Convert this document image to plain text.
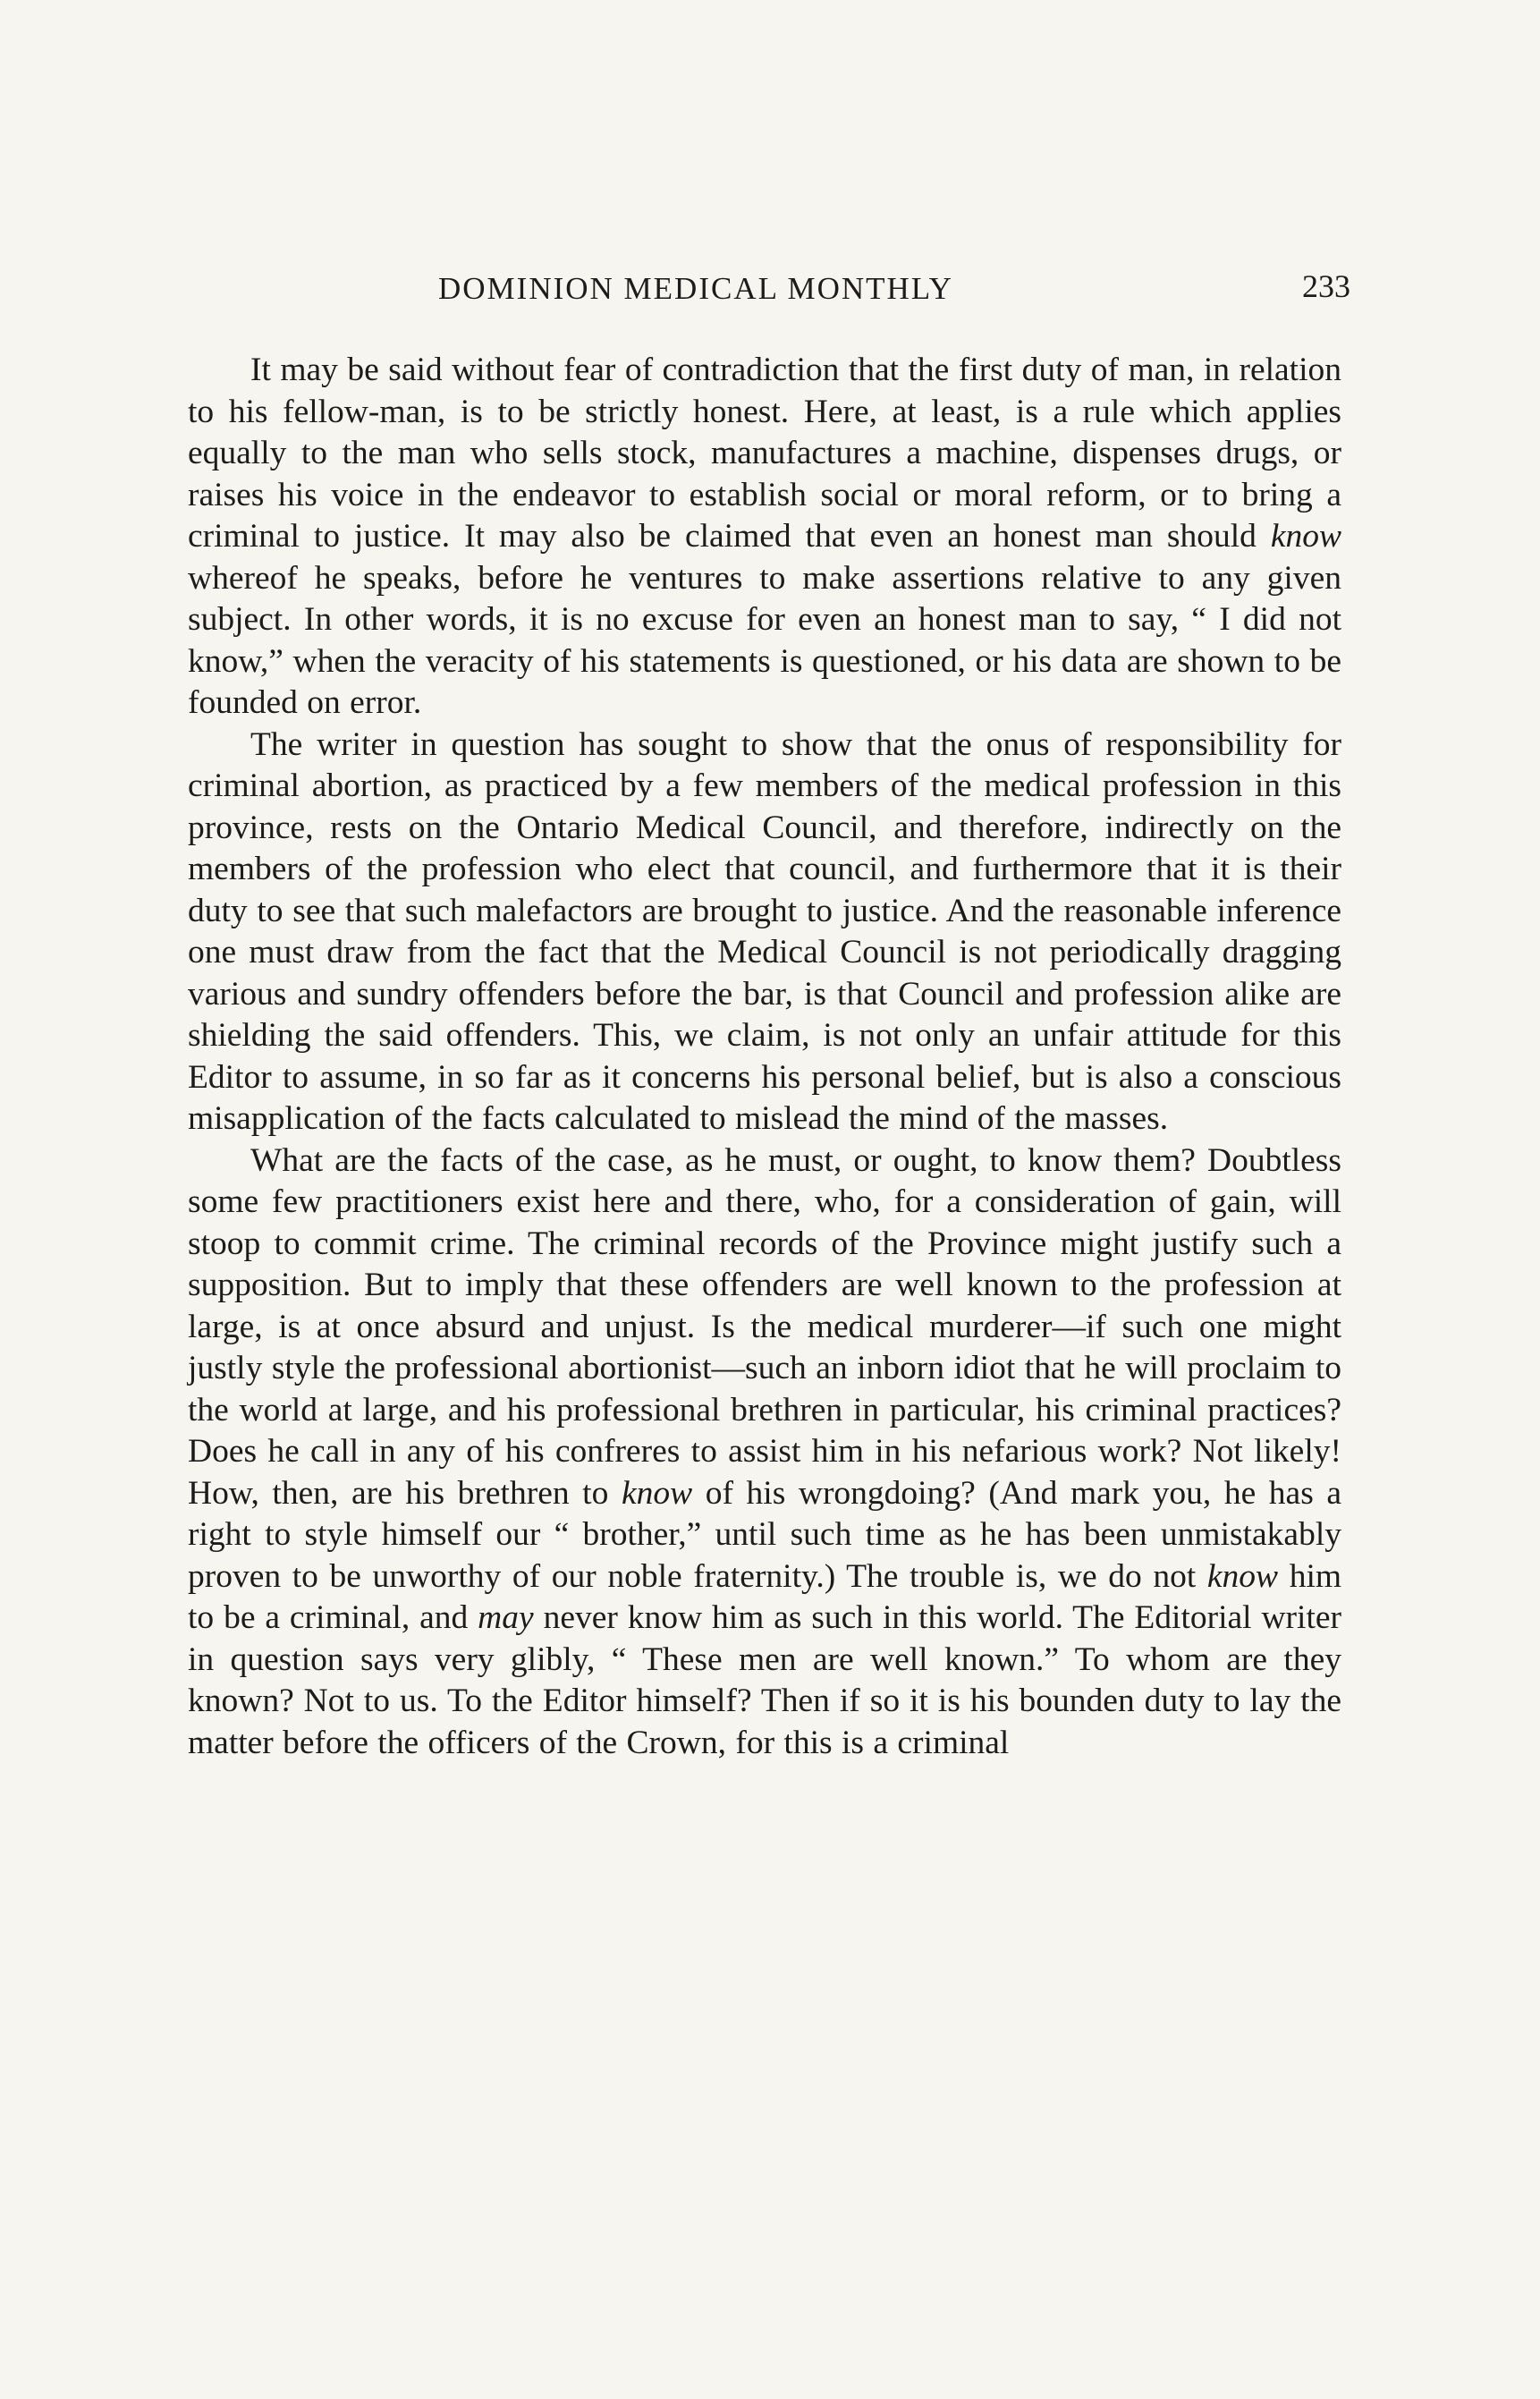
DOMINION MEDICAL MONTHLY	233

It may be said without fear of contradiction that the first duty of man, in relation to his fellow-man, is to be strictly honest. Here, at least, is a rule which applies equally to the man who sells stock, manufactures a machine, dispenses drugs, or raises his voice in the endeavor to establish social or moral reform, or to bring a criminal to justice. It may also be claimed that even an honest man should know whereof he speaks, before he ventures to make assertions relative to any given subject. In other words, it is no excuse for even an honest man to say, “ I did not know,” when the veracity of his statements is questioned, or his data are shown to be founded on error.

The writer in question has sought to show that the onus of responsibility for criminal abortion, as practiced by a few members of the medical profession in this province, rests on the Ontario Medical Council, and therefore, indirectly on the members of the profession who elect that council, and furthermore that it is their duty to see that such malefactors are brought to justice. And the reasonable inference one must draw from the fact that the Medical Council is not periodically dragging various and sundry offenders before the bar, is that Council and profession alike are shielding the said offenders. This, we claim, is not only an unfair attitude for this Editor to assume, in so far as it concerns his personal belief, but is also a conscious misapplication of the facts calculated to mislead the mind of the masses.

What are the facts of the case, as he must, or ought, to know them? Doubtless some few practitioners exist here and there, who, for a consideration of gain, will stoop to commit crime. The criminal records of the Province might justify such a supposition. But to imply that these offenders are well known to the profession at large, is at once absurd and unjust. Is the medical murderer—if such one might justly style the professional abortionist—such an inborn idiot that he will proclaim to the world at large, and his professional brethren in particular, his criminal practices? Does he call in any of his confreres to assist him in his nefarious work? Not likely! How, then, are his brethren to know of his wrongdoing? (And mark you, he has a right to style himself our “ brother,” until such time as he has been unmistakably proven to be unworthy of our noble fraternity.) The trouble is, we do not know him to be a criminal, and may never know him as such in this world. The Editorial writer in question says very glibly, “ These men are well known.” To whom are they known? Not to us. To the Editor himself? Then if so it is his bounden duty to lay the matter before the officers of the Crown, for this is a criminal
